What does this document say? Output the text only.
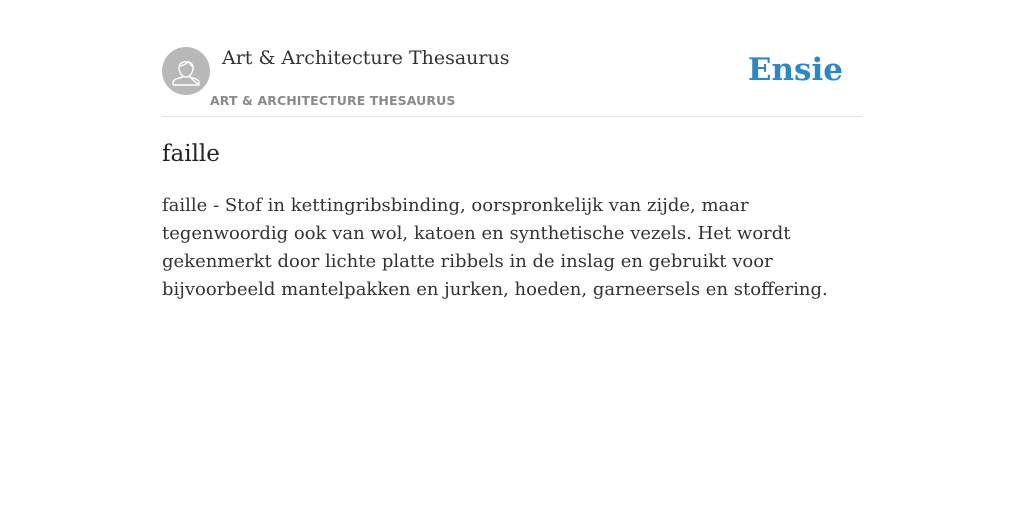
Art & Architecture Thesaurus
ART & ARCHITECTURE THESAURUS
Ensie
faille

faille - Stof in kettingribsbinding, oorspronkelijk van zijde, maar tegenwoordig ook van wol, katoen en synthetische vezels. Het wordt gekenmerkt door lichte platte ribbels in de inslag en gebruikt voor bijvoorbeeld mantelpakken en jurken, hoeden, garneersels en stoffering.
